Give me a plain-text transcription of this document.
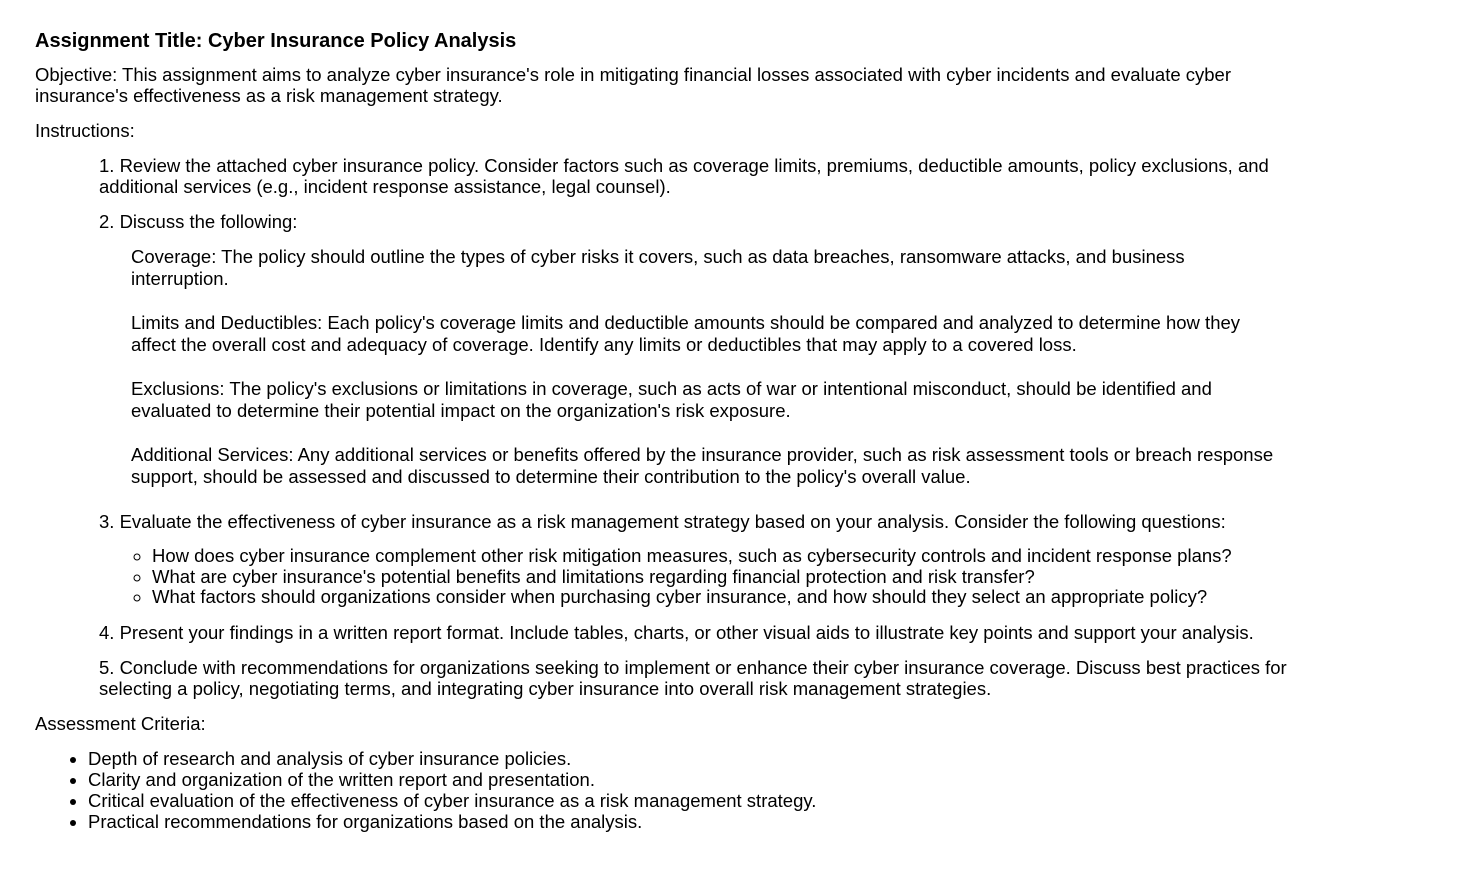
Assignment Title: Cyber Insurance Policy Analysis

Objective: This assignment aims to analyze cyber insurance's role in mitigating financial losses associated with cyber incidents and evaluate cyber insurance's effectiveness as a risk management strategy.

Instructions:

1. Review the attached cyber insurance policy. Consider factors such as coverage limits, premiums, deductible amounts, policy exclusions, and additional services (e.g., incident response assistance, legal counsel).
2. Discuss the following:
Coverage: The policy should outline the types of cyber risks it covers, such as data breaches, ransomware attacks, and business interruption.
Limits and Deductibles: Each policy's coverage limits and deductible amounts should be compared and analyzed to determine how they affect the overall cost and adequacy of coverage. Identify any limits or deductibles that may apply to a covered loss.
Exclusions: The policy's exclusions or limitations in coverage, such as acts of war or intentional misconduct, should be identified and evaluated to determine their potential impact on the organization's risk exposure.
Additional Services: Any additional services or benefits offered by the insurance provider, such as risk assessment tools or breach response support, should be assessed and discussed to determine their contribution to the policy's overall value.
3. Evaluate the effectiveness of cyber insurance as a risk management strategy based on your analysis. Consider the following questions:
◦ How does cyber insurance complement other risk mitigation measures, such as cybersecurity controls and incident response plans?
◦ What are cyber insurance's potential benefits and limitations regarding financial protection and risk transfer?
◦ What factors should organizations consider when purchasing cyber insurance, and how should they select an appropriate policy?
4. Present your findings in a written report format. Include tables, charts, or other visual aids to illustrate key points and support your analysis.
5. Conclude with recommendations for organizations seeking to implement or enhance their cyber insurance coverage. Discuss best practices for selecting a policy, negotiating terms, and integrating cyber insurance into overall risk management strategies.

Assessment Criteria:

• Depth of research and analysis of cyber insurance policies.
• Clarity and organization of the written report and presentation.
• Critical evaluation of the effectiveness of cyber insurance as a risk management strategy.
• Practical recommendations for organizations based on the analysis.
